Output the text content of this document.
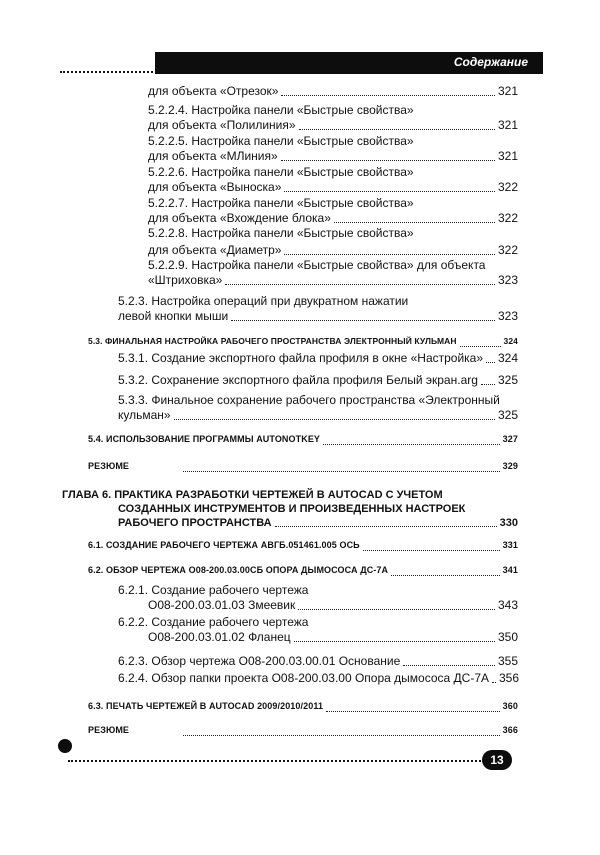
Содержание
для объекта «Отрезок»	321
5.2.2.4. Настройка панели «Быстрые свойства»
для объекта «Полилиния»	321
5.2.2.5. Настройка панели «Быстрые свойства»
для объекта «МЛиния»	321
5.2.2.6. Настройка панели «Быстрые свойства»
для объекта «Выноска»	322
5.2.2.7. Настройка панели «Быстрые свойства»
для объекта «Вхождение блока»	322
5.2.2.8. Настройка панели «Быстрые свойства»
для объекта «Диаметр»	322
5.2.2.9. Настройка панели «Быстрые свойства» для объекта
«Штриховка»	323
5.2.3. Настройка операций при двукратном нажатии
левой кнопки мыши	323
5.3. ФИНАЛЬНАЯ НАСТРОЙКА РАБОЧЕГО ПРОСТРАНСТВА ЭЛЕКТРОННЫЙ КУЛЬМАН	324
5.3.1. Создание экспортного файла профиля в окне «Настройка» 324
5.3.2. Сохранение экспортного файла профиля Белый экран.arg 325
5.3.3. Финальное сохранение рабочего пространства «Электронный
кульман»	325
5.4. ИСПОЛЬЗОВАНИЕ ПРОГРАММЫ AUTONOTKEY	327
РЕЗЮМЕ	329
ГЛАВА 6. ПРАКТИКА РАЗРАБОТКИ ЧЕРТЕЖЕЙ В AUTOCAD С УЧЕТОМ
СОЗДАННЫХ ИНСТРУМЕНТОВ И ПРОИЗВЕДЕННЫХ НАСТРОЕК
РАБОЧЕГО ПРОСТРАНСТВА	330
6.1. СОЗДАНИЕ РАБОЧЕГО ЧЕРТЕЖА АВГБ.051461.005 ОСЬ	331
6.2. ОБЗОР ЧЕРТЕЖА О08-200.03.00СБ ОПОРА ДЫМОСОСА ДС-7А	341
6.2.1. Создание рабочего чертежа
О08-200.03.01.03 Змеевик	343
6.2.2. Создание рабочего чертежа
О08-200.03.01.02 Фланец	350
6.2.3. Обзор чертежа О08-200.03.00.01 Основание	355
6.2.4. Обзор папки проекта О08-200.03.00 Опора дымососа ДС-7А 356
6.3. ПЕЧАТЬ ЧЕРТЕЖЕЙ В AUTOCAD 2009/2010/2011	360
РЕЗЮМЕ	366
13
